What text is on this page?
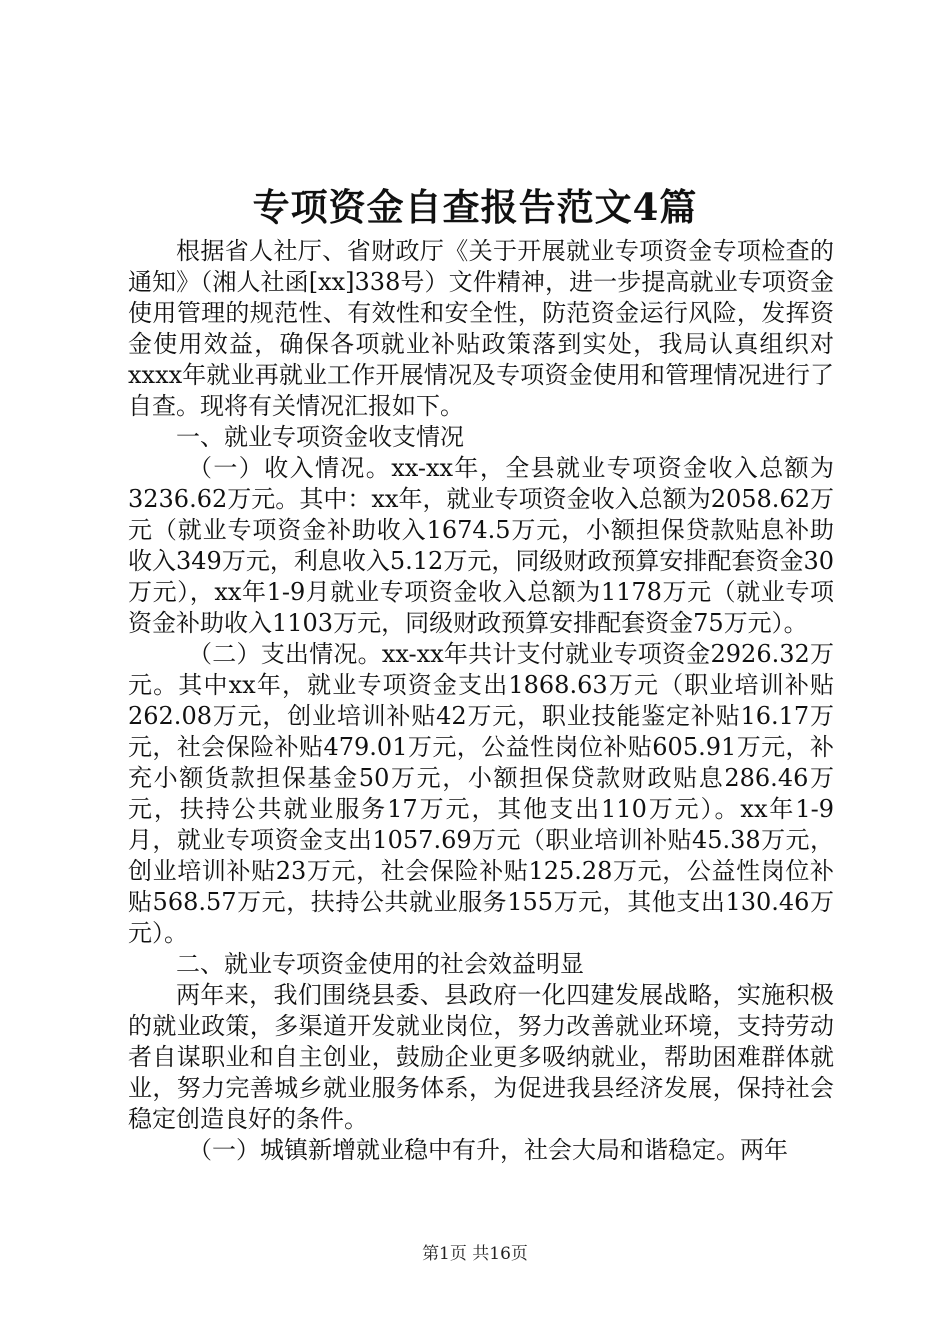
专项资金自查报告范文4篇

根据省人社厅、省财政厅《关于开展就业专项资金专项检查的通知》（湘人社函[xx]338号）文件精神，进一步提高就业专项资金使用管理的规范性、有效性和安全性，防范资金运行风险，发挥资金使用效益，确保各项就业补贴政策落到实处，我局认真组织对xxxx年就业再就业工作开展情况及专项资金使用和管理情况进行了自查。现将有关情况汇报如下。

一、就业专项资金收支情况

（一）收入情况。xx-xx年，全县就业专项资金收入总额为3236.62万元。其中：xx年，就业专项资金收入总额为2058.62万元（就业专项资金补助收入1674.5万元，小额担保贷款贴息补助收入349万元，利息收入5.12万元，同级财政预算安排配套资金30万元），xx年1-9月就业专项资金收入总额为1178万元（就业专项资金补助收入1103万元，同级财政预算安排配套资金75万元）。

（二）支出情况。xx-xx年共计支付就业专项资金2926.32万元。其中xx年，就业专项资金支出1868.63万元（职业培训补贴262.08万元，创业培训补贴42万元，职业技能鉴定补贴16.17万元，社会保险补贴479.01万元，公益性岗位补贴605.91万元，补充小额货款担保基金50万元，小额担保贷款财政贴息286.46万元，扶持公共就业服务17万元，其他支出110万元）。xx年1-9月，就业专项资金支出1057.69万元（职业培训补贴45.38万元，创业培训补贴23万元，社会保险补贴125.28万元，公益性岗位补贴568.57万元，扶持公共就业服务155万元，其他支出130.46万元）。

二、就业专项资金使用的社会效益明显

两年来，我们围绕县委、县政府一化四建发展战略，实施积极的就业政策，多渠道开发就业岗位，努力改善就业环境，支持劳动者自谋职业和自主创业，鼓励企业更多吸纳就业，帮助困难群体就业，努力完善城乡就业服务体系，为促进我县经济发展，保持社会稳定创造良好的条件。

（一）城镇新增就业稳中有升，社会大局和谐稳定。两年

第1页 共16页
